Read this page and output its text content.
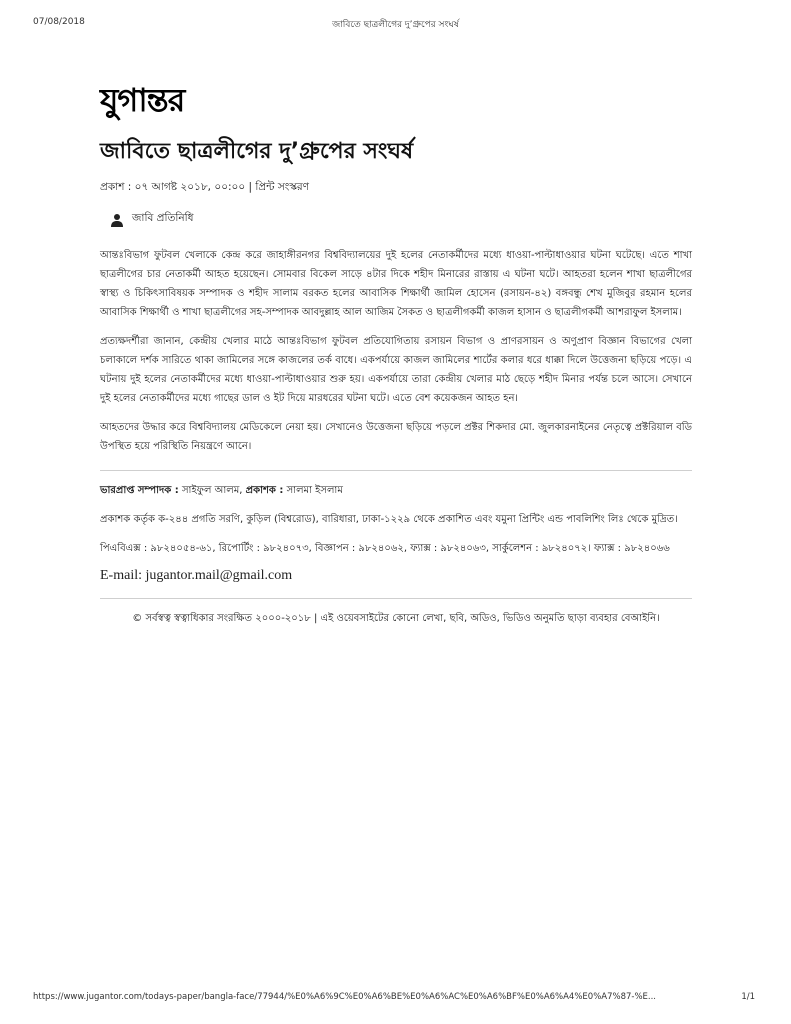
07/08/2018	জাবিতে ছাত্রলীগের দু’গ্রুপের সংঘর্ষ
যুগান্তর
জাবিতে ছাত্রলীগের দু’গ্রুপের সংঘর্ষ
প্রকাশ : ০৭ আগষ্ট ২০১৮, ০০:০০ | প্রিন্ট সংস্করণ
জাবি প্রতিনিধি

আন্তঃবিভাগ ফুটবল খেলাকে কেন্দ্র করে জাহাঙ্গীরনগর বিশ্ববিদ্যালয়ের দুই হলের নেতাকর্মীদের মধ্যে ধাওয়া-পাল্টাধাওয়ার ঘটনা ঘটেছে। এতে শাখা ছাত্রলীগের চার নেতাকর্মী আহত হয়েছেন। সোমবার বিকেল সাড়ে ৪টার দিকে শহীদ মিনারের রাস্তায় এ ঘটনা ঘটে। আহতরা হলেন শাখা ছাত্রলীগের স্বাস্থ্য ও চিকিৎসাবিষয়ক সম্পাদক ও শহীদ সালাম বরকত হলের আবাসিক শিক্ষার্থী জামিল হোসেন (রসায়ন-৪২) বঙ্গবন্ধু শেখ মুজিবুর রহমান হলের আবাসিক শিক্ষার্থী ও শাখা ছাত্রলীগের সহ-সম্পাদক আবদুল্লাহ আল আজিম সৈকত ও ছাত্রলীগকর্মী কাজল হাসান ও ছাত্রলীগকর্মী আশরাফুল ইসলাম।

প্রত্যক্ষদর্শীরা জানান, কেন্দ্রীয় খেলার মাঠে আন্তঃবিভাগ ফুটবল প্রতিযোগিতায় রসায়ন বিভাগ ও প্রাণরসায়ন ও অণুপ্রাণ বিজ্ঞান বিভাগের খেলা চলাকালে দর্শক সারিতে থাকা জামিলের সঙ্গে কাজলের তর্ক বাধে। একপর্যায়ে কাজল জামিলের শার্টের কলার ধরে ধাক্কা দিলে উত্তেজনা ছড়িয়ে পড়ে। এ ঘটনায় দুই হলের নেতাকর্মীদের মধ্যে ধাওয়া-পাল্টাধাওয়ার শুরু হয়। একপর্যায়ে তারা কেন্দ্রীয় খেলার মাঠ ছেড়ে শহীদ মিনার পর্যন্ত চলে আসে। সেখানে দুই হলের নেতাকর্মীদের মধ্যে গাছের ডাল ও ইট দিয়ে মারধরের ঘটনা ঘটে। এতে বেশ কয়েকজন আহত হন।

আহতদের উদ্ধার করে বিশ্ববিদ্যালয় মেডিকেলে নেয়া হয়। সেখানেও উত্তেজনা ছড়িয়ে পড়লে প্রক্টর শিকদার মো. জুলকারনাইনের নেতৃত্বে প্রক্টরিয়াল বডি উপস্থিত হয়ে পরিস্থিতি নিয়ন্ত্রণে আনে।

ভারপ্রাপ্ত সম্পাদক : সাইফুল আলম, প্রকাশক : সালমা ইসলাম
প্রকাশক কর্তৃক ক-২৪৪ প্রগতি সরণি, কুড়িল (বিশ্বরোড), বারিধারা, ঢাকা-১২২৯ থেকে প্রকাশিত এবং যমুনা প্রিন্টিং এন্ড পাবলিশিং লিঃ থেকে মুদ্রিত।
পিএবিএক্স : ৯৮২৪০৫৪-৬১, রিপোর্টিং : ৯৮২৪০৭৩, বিজ্ঞাপন : ৯৮২৪০৬২, ফ্যাক্স : ৯৮২৪০৬৩, সার্কুলেশন : ৯৮২৪০৭২। ফ্যাক্স : ৯৮২৪০৬৬
E-mail: jugantor.mail@gmail.com
© সর্বস্বত্ব স্বত্বাধিকার সংরক্ষিত ২০০০-২০১৮ | এই ওয়েবসাইটের কোনো লেখা, ছবি, অডিও, ভিডিও অনুমতি ছাড়া ব্যবহার বেআইনি।
https://www.jugantor.com/todays-paper/bangla-face/77944/%E0%A6%9C%E0%A6%BE%E0%A6%AC%E0%A6%BF%E0%A6%A4%E0%A7%87-%E...	1/1
